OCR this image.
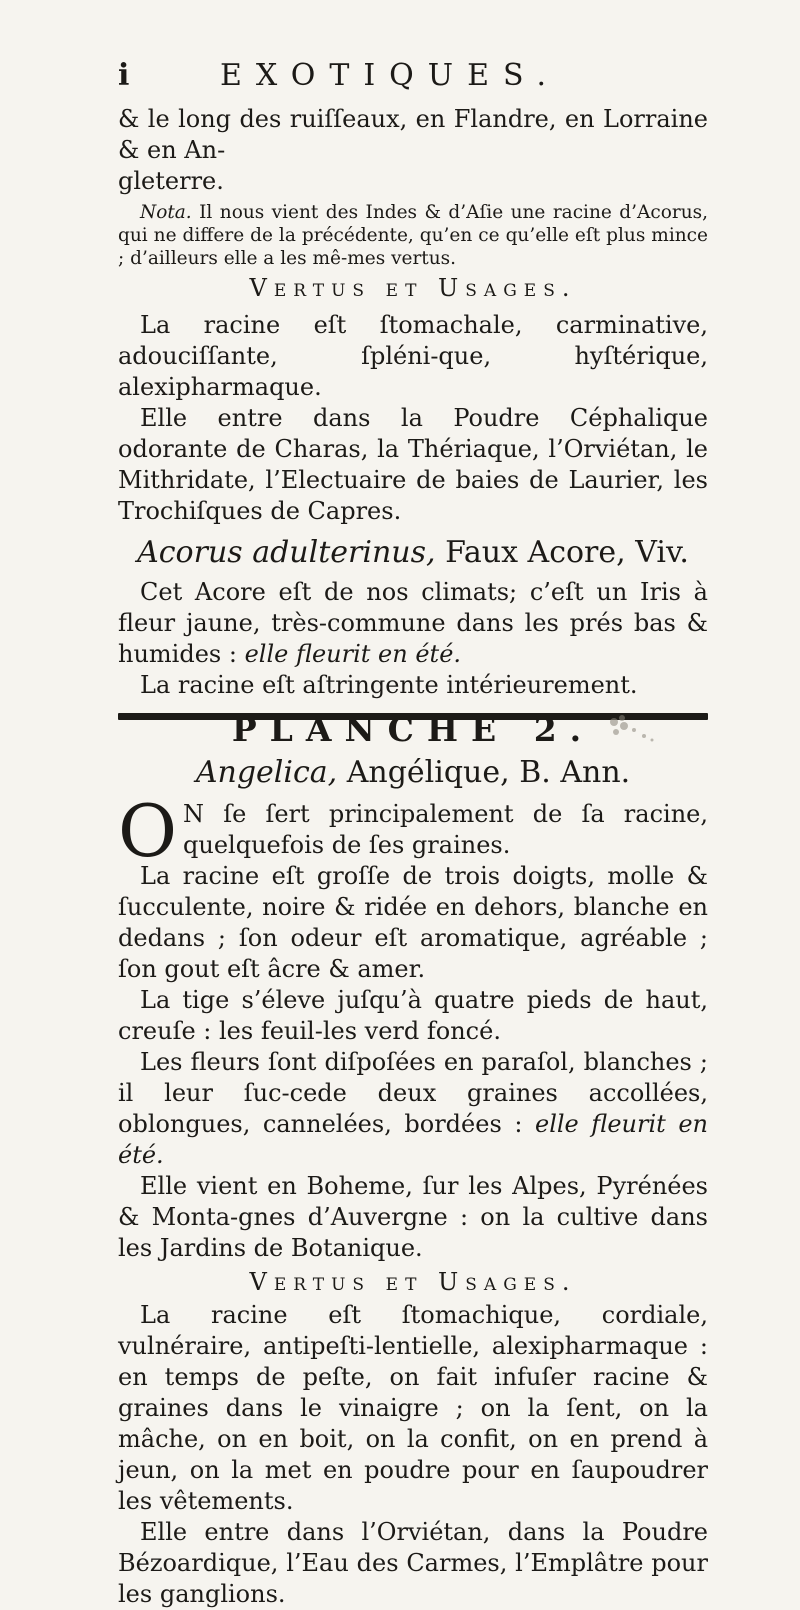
i	EXOTIQUES.

& le long des ruiſſeaux, en Flandre, en Lorraine & en An-

gleterre.

Nota. Il nous vient des Indes & d’Aſie une racine d’Acorus, qui ne differe de la précédente, qu’en ce qu’elle eſt plus mince ; d’ailleurs elle a les mê-mes vertus.

Vertus et Usages.

La racine eſt ſtomachale, carminative, adouciſſante, ſpléni-que, hyſtérique, alexipharmaque.

Elle entre dans la Poudre Céphalique odorante de Charas, la Thériaque, l’Orviétan, le Mithridate, l’Electuaire de baies de Laurier, les Trochiſques de Capres.

Acorus adulterinus, Faux Acore, Viv.

Cet Acore eſt de nos climats; c’eſt un Iris à fleur jaune, très-commune dans les prés bas & humides : elle fleurit en été.

La racine eſt aſtringente intérieurement.

PLANCHE 2.

Angelica, Angélique, B. Ann.

O N ſe ſert principalement de ſa racine, quelquefois de ſes graines.

La racine eſt groſſe de trois doigts, molle & ſucculente, noire & ridée en dehors, blanche en dedans ; ſon odeur eſt aromatique, agréable ; ſon gout eſt âcre & amer.

La tige s’éleve juſqu’à quatre pieds de haut, creuſe : les feuil-les verd foncé.

Les fleurs ſont diſpoſées en paraſol, blanches ; il leur ſuc-cede deux graines accollées, oblongues, cannelées, bordées : elle fleurit en été.

Elle vient en Boheme, ſur les Alpes, Pyrénées & Monta-gnes d’Auvergne : on la cultive dans les Jardins de Botanique.

Vertus et Usages.

La racine eſt ſtomachique, cordiale, vulnéraire, antipeſti-lentielle, alexipharmaque : en temps de peſte, on fait infuſer racine & graines dans le vinaigre ; on la ſent, on la mâche, on en boit, on la confit, on en prend à jeun, on la met en poudre pour en ſaupoudrer les vêtements.

Elle entre dans l’Orviétan, dans la Poudre Bézoardique, l’Eau des Carmes, l’Emplâtre pour les ganglions.
